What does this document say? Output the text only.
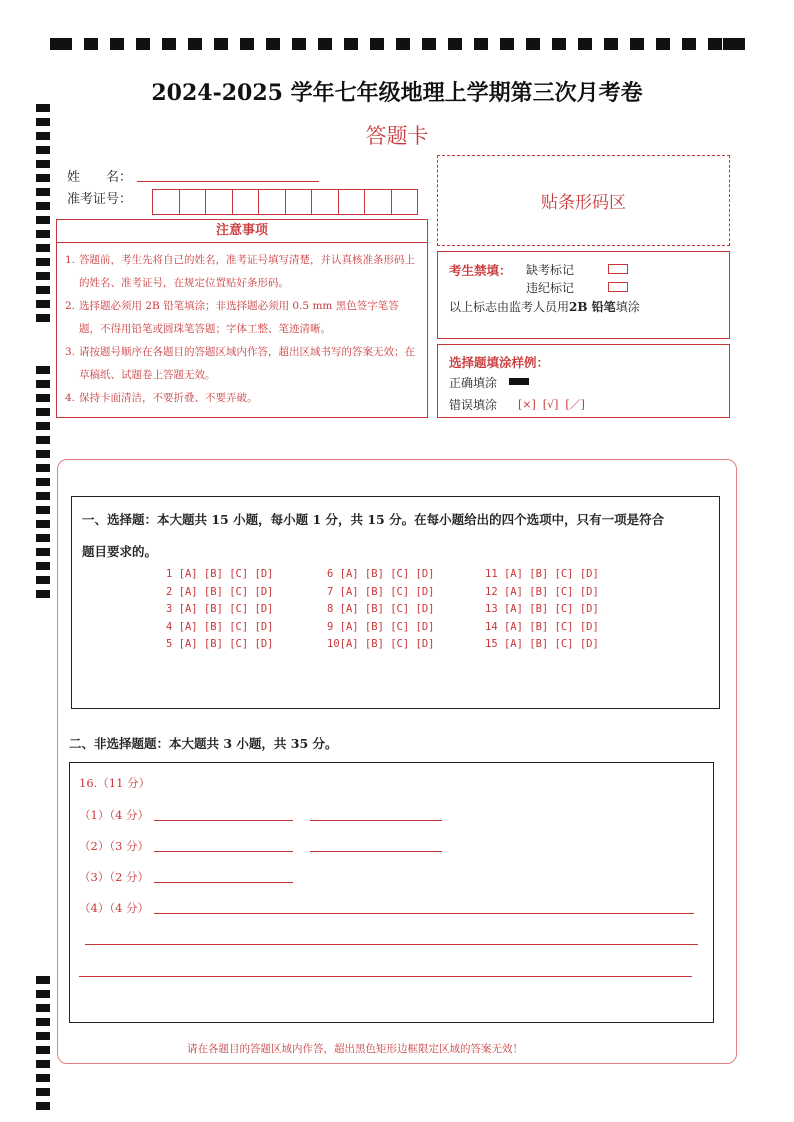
2024-2025 学年七年级地理上学期第三次月考卷
答题卡
姓　　名：
准考证号：	贴条形码区
注意事项
1. 答题前，考生先将自己的姓名，准考证号填写清楚，并认真核准条形码上的姓名、准考证号，在规定位置贴好条形码。
2. 选择题必须用 2B 铅笔填涂；非选择题必须用 0.5 mm 黑色签字笔答题，不得用铅笔或圆珠笔答题；字体工整、笔迹清晰。
3. 请按题号顺序在各题目的答题区域内作答，超出区域书写的答案无效；在草稿纸、试题卷上答题无效。
4. 保持卡面清洁，不要折叠、不要弄破。
考生禁填： 缺考标记
违纪标记
以上标志由监考人员用2B 铅笔填涂
选择题填涂样例：
正确填涂
错误填涂 [×]  [√]  [／]
一、选择题：本大题共 15 小题，每小题 1 分，共 15 分。在每小题给出的四个选项中，只有一项是符合
题目要求的。
1 [A] [B] [C] [D]
2 [A] [B] [C] [D]
3 [A] [B] [C] [D]
4 [A] [B] [C] [D]
5 [A] [B] [C] [D]
6 [A] [B] [C] [D]
7 [A] [B] [C] [D]
8 [A] [B] [C] [D]
9 [A] [B] [C] [D]
10[A] [B] [C] [D]
11 [A] [B] [C] [D]
12 [A] [B] [C] [D]
13 [A] [B] [C] [D]
14 [A] [B] [C] [D]
15 [A] [B] [C] [D]
二、非选择题题：本大题共 3 小题，共 35 分。
16.（11 分）
（1）（4 分）
（2）（3 分）
（3）（2 分）
（4）（4 分）
请在各题目的答题区域内作答，超出黑色矩形边框限定区域的答案无效！
